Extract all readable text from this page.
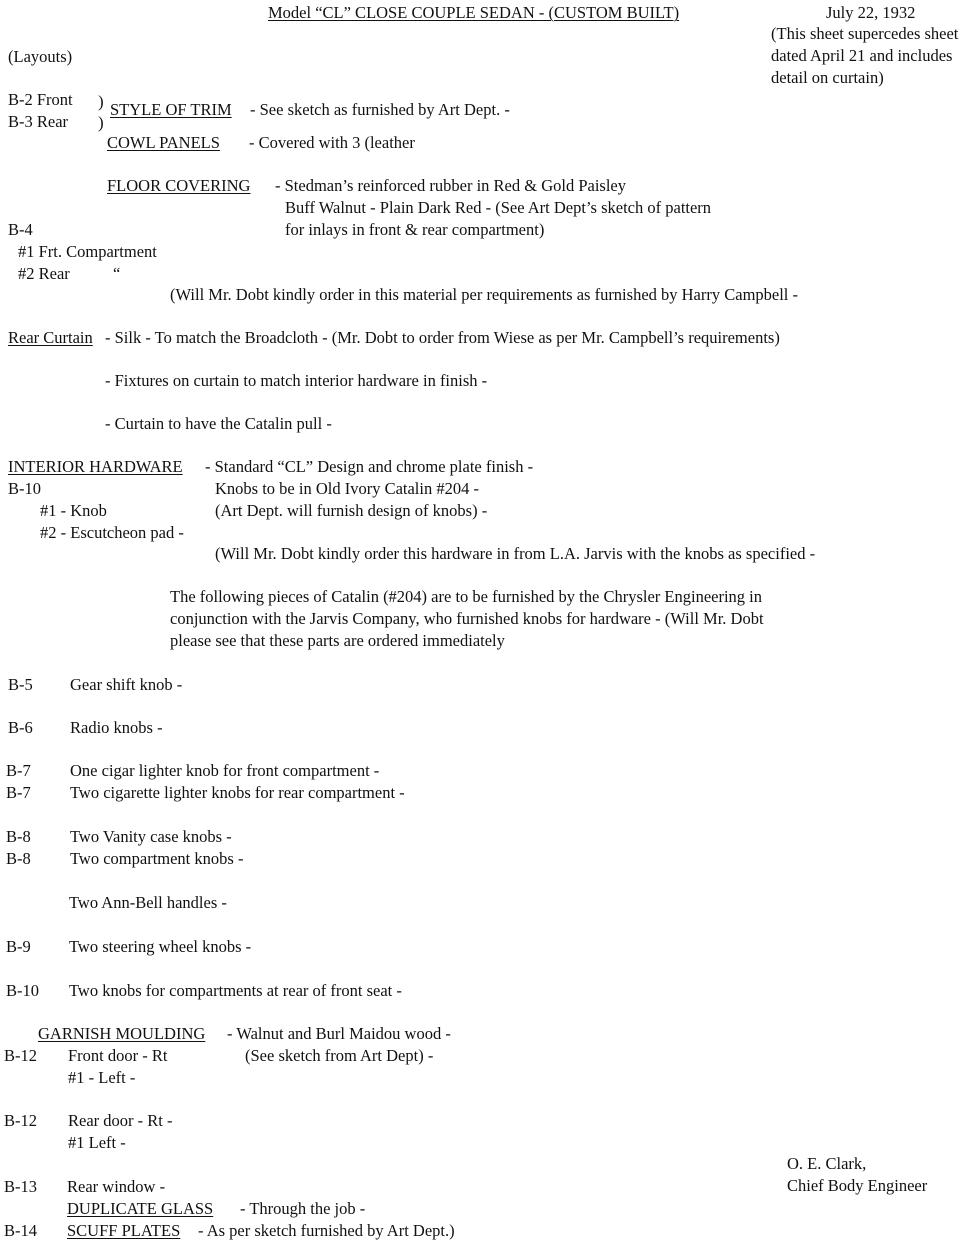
Model “CL” CLOSE COUPLE SEDAN - (CUSTOM BUILT)	July 22, 1932
(This sheet supercedes sheet
dated April 21 and includes
detail on curtain)
(Layouts)
B-2 Front
B-3 Rear
)
)
STYLE OF TRIM - See sketch as furnished by Art Dept. -
COWL PANELS - Covered with 3 (leather
FLOOR COVERING - Stedman’s reinforced rubber in Red & Gold Paisley
Buff Walnut - Plain Dark Red - (See Art Dept’s sketch of pattern
B-4	for inlays in front & rear compartment)
#1 Frt. Compartment
#2 Rear	“
(Will Mr. Dobt kindly order in this material per requirements as furnished by Harry Campbell -
Rear Curtain - Silk - To match the Broadcloth - (Mr. Dobt to order from Wiese as per Mr. Campbell’s requirements)
- Fixtures on curtain to match interior hardware in finish -
- Curtain to have the Catalin pull -
INTERIOR HARDWARE - Standard “CL” Design and chrome plate finish -
B-10	Knobs to be in Old Ivory Catalin #204 -
#1 - Knob	(Art Dept. will furnish design of knobs) -
#2 - Escutcheon pad -
(Will Mr. Dobt kindly order this hardware in from L.A. Jarvis with the knobs as specified -
The following pieces of Catalin (#204) are to be furnished by the Chrysler Engineering in
conjunction with the Jarvis Company, who furnished knobs for hardware - (Will Mr. Dobt
please see that these parts are ordered immediately
B-5 Gear shift knob -
B-6 Radio knobs -
B-7 One cigar lighter knob for front compartment -
B-7 Two cigarette lighter knobs for rear compartment -
B-8 Two Vanity case knobs -
B-8 Two compartment knobs -
Two Ann-Bell handles -
B-9 Two steering wheel knobs -
B-10 Two knobs for compartments at rear of front seat -
GARNISH MOULDING - Walnut and Burl Maidou wood -
B-12 Front door - Rt	(See sketch from Art Dept) -
#1 - Left -
B-12 Rear door - Rt -
#1 Left -
B-13 Rear window -
DUPLICATE GLASS - Through the job -
B-14 SCUFF PLATES - As per sketch furnished by Art Dept.)
O. E. Clark,
Chief Body Engineer
